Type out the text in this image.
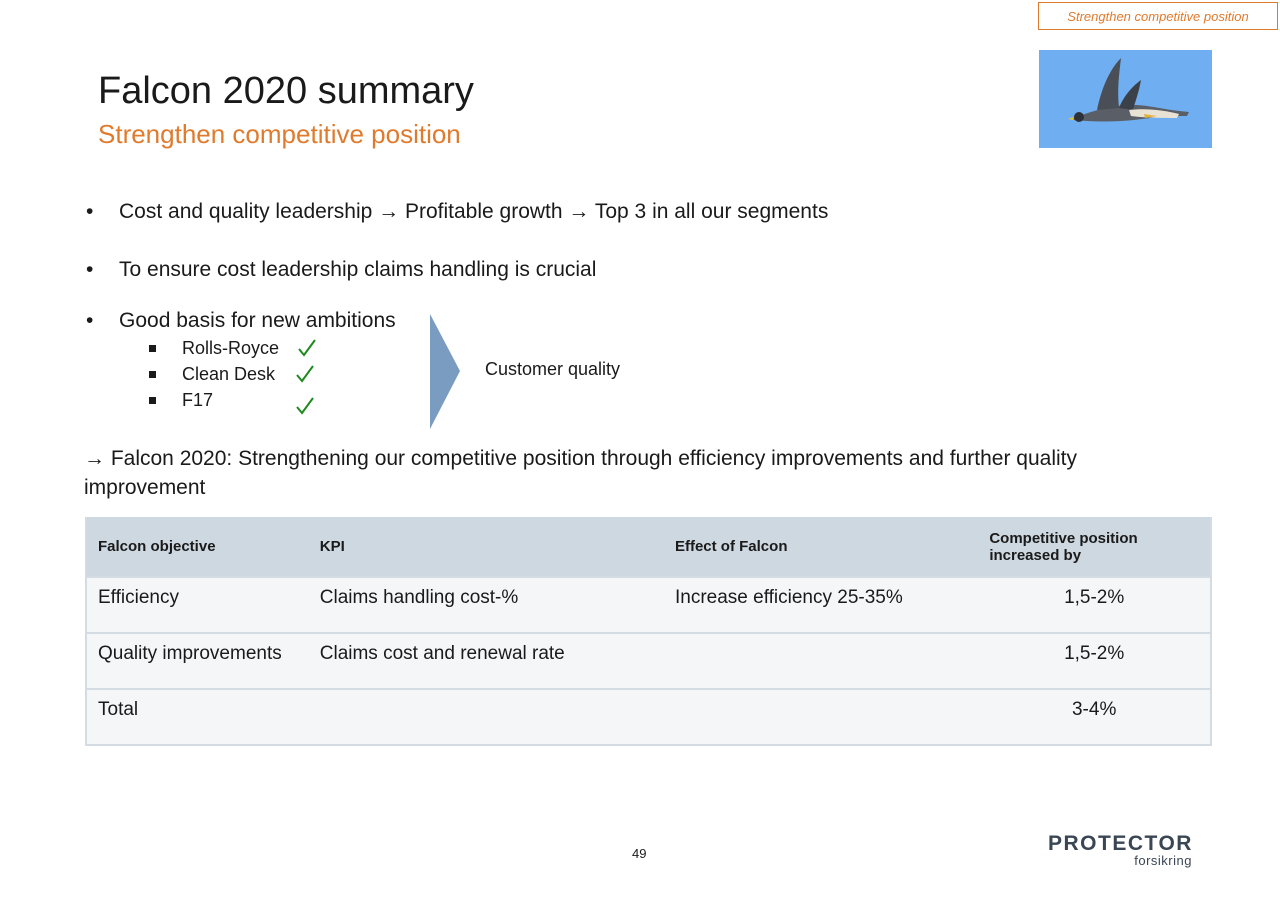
Strengthen competitive position
Falcon 2020 summary
Strengthen competitive position
• Cost and quality leadership → Profitable growth → Top 3 in all our segments
• To ensure cost leadership claims handling is crucial
• Good basis for new ambitions
Rolls-Royce
Clean Desk
F17
Customer quality
→ Falcon 2020: Strengthening our competitive position through efficiency improvements and further quality improvement
Falcon objective	KPI	Effect of Falcon	Competitive position increased by
Efficiency	Claims handling cost-%	Increase efficiency 25-35%	1,5-2%
Quality improvements	Claims cost and renewal rate		1,5-2%
Total			3-4%
49	PROTECTOR
forsikring
